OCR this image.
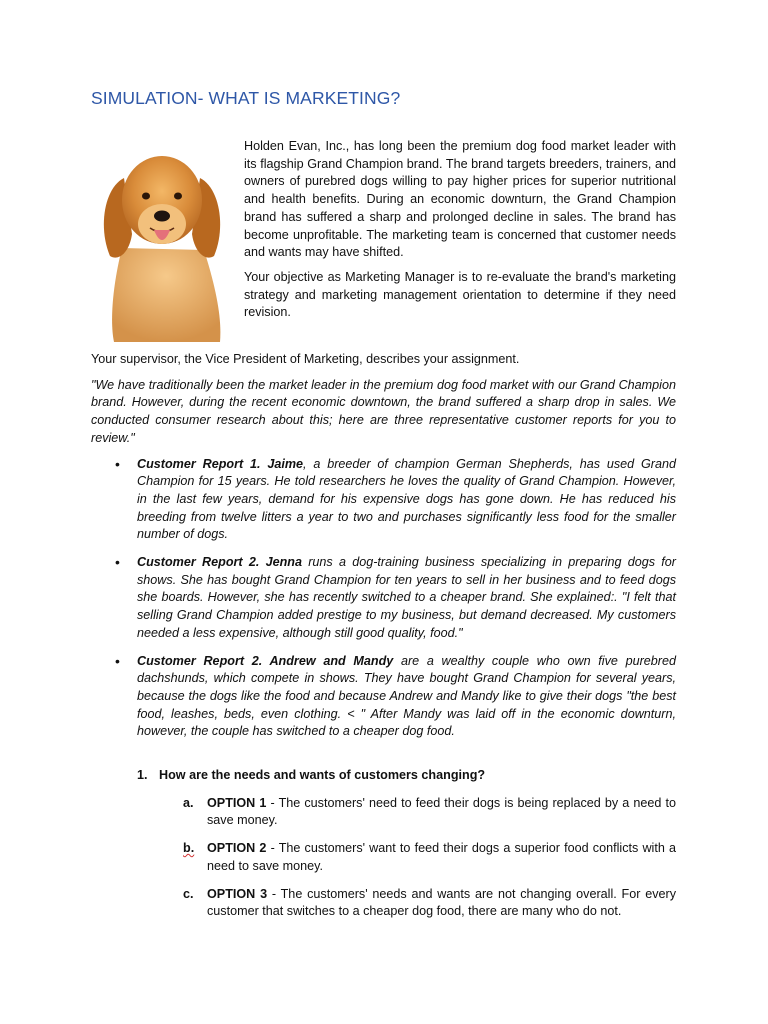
SIMULATION- WHAT IS MARKETING?

Holden Evan, Inc., has long been the premium dog food market leader with its flagship Grand Champion brand. The brand targets breeders, trainers, and owners of purebred dogs willing to pay higher prices for superior nutritional and health benefits. During an economic downturn, the Grand Champion brand has suffered a sharp and prolonged decline in sales. The brand has become unprofitable. The marketing team is concerned that customer needs and wants may have shifted.

Your objective as Marketing Manager is to re-evaluate the brand's marketing strategy and marketing management orientation to determine if they need revision.

Your supervisor, the Vice President of Marketing, describes your assignment.

"We have traditionally been the market leader in the premium dog food market with our Grand Champion brand. However, during the recent economic downtown, the brand suffered a sharp drop in sales. We conducted consumer research about this; here are three representative customer reports for you to review."

• Customer Report 1. Jaime, a breeder of champion German Shepherds, has used Grand Champion for 15 years. He told researchers he loves the quality of Grand Champion. However, in the last few years, demand for his expensive dogs has gone down. He has reduced his breeding from twelve litters a year to two and purchases significantly less food for the smaller number of dogs.
• Customer Report 2. Jenna runs a dog-training business specializing in preparing dogs for shows. She has bought Grand Champion for ten years to sell in her business and to feed dogs she boards. However, she has recently switched to a cheaper brand. She explained:. "I felt that selling Grand Champion added prestige to my business, but demand decreased. My customers needed a less expensive, although still good quality, food."
• Customer Report 2. Andrew and Mandy are a wealthy couple who own five purebred dachshunds, which compete in shows. They have bought Grand Champion for several years, because the dogs like the food and because Andrew and Mandy like to give their dogs "the best food, leashes, beds, even clothing. < " After Mandy was laid off in the economic downturn, however, the couple has switched to a cheaper dog food.
1. How are the needs and wants of customers changing?
a. OPTION 1 - The customers' need to feed their dogs is being replaced by a need to save money.
b. OPTION 2 - The customers' want to feed their dogs a superior food conflicts with a need to save money.
c. OPTION 3 - The customers' needs and wants are not changing overall. For every customer that switches to a cheaper dog food, there are many who do not.
